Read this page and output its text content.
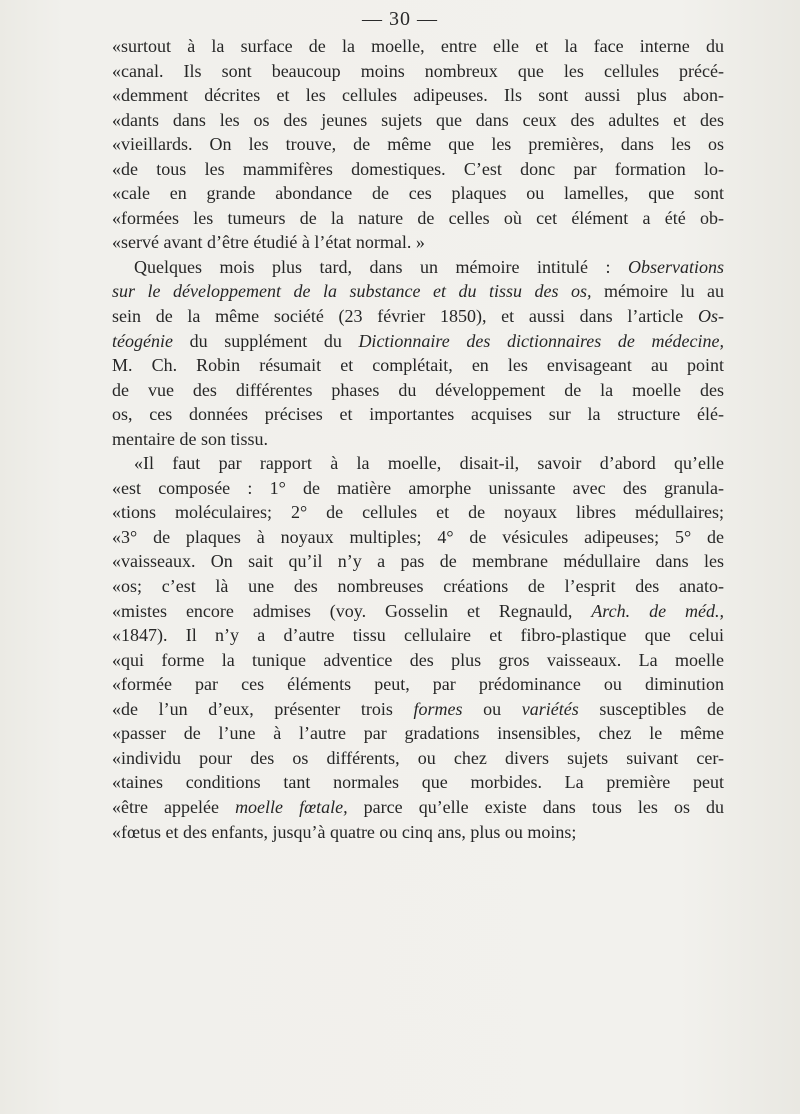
— 30 —
«surtout à la surface de la moelle, entre elle et la face interne du
«canal. Ils sont beaucoup moins nombreux que les cellules précé-
«demment décrites et les cellules adipeuses. Ils sont aussi plus abon-
«dants dans les os des jeunes sujets que dans ceux des adultes et des
«vieillards. On les trouve, de même que les premières, dans les os
«de tous les mammifères domestiques. C’est donc par formation lo-
«cale en grande abondance de ces plaques ou lamelles, que sont
«formées les tumeurs de la nature de celles où cet élément a été ob-
«servé avant d’être étudié à l’état normal. »
Quelques mois plus tard, dans un mémoire intitulé : Observations
sur le développement de la substance et du tissu des os, mémoire lu au
sein de la même société (23 février 1850), et aussi dans l’article Os-
téogénie du supplément du Dictionnaire des dictionnaires de médecine,
M. Ch. Robin résumait et complétait, en les envisageant au point
de vue des différentes phases du développement de la moelle des
os, ces données précises et importantes acquises sur la structure élé-
mentaire de son tissu.
«Il faut par rapport à la moelle, disait-il, savoir d’abord qu’elle
«est composée : 1° de matière amorphe unissante avec des granula-
«tions moléculaires; 2° de cellules et de noyaux libres médullaires;
«3° de plaques à noyaux multiples; 4° de vésicules adipeuses; 5° de
«vaisseaux. On sait qu’il n’y a pas de membrane médullaire dans les
«os; c’est là une des nombreuses créations de l’esprit des anato-
«mistes encore admises (voy. Gosselin et Regnauld, Arch. de méd.,
«1847). Il n’y a d’autre tissu cellulaire et fibro-plastique que celui
«qui forme la tunique adventice des plus gros vaisseaux. La moelle
«formée par ces éléments peut, par prédominance ou diminution
«de l’un d’eux, présenter trois formes ou variétés susceptibles de
«passer de l’une à l’autre par gradations insensibles, chez le même
«individu pour des os différents, ou chez divers sujets suivant cer-
«taines conditions tant normales que morbides. La première peut
«être appelée moelle fœtale, parce qu’elle existe dans tous les os du
«fœtus et des enfants, jusqu’à quatre ou cinq ans, plus ou moins;
